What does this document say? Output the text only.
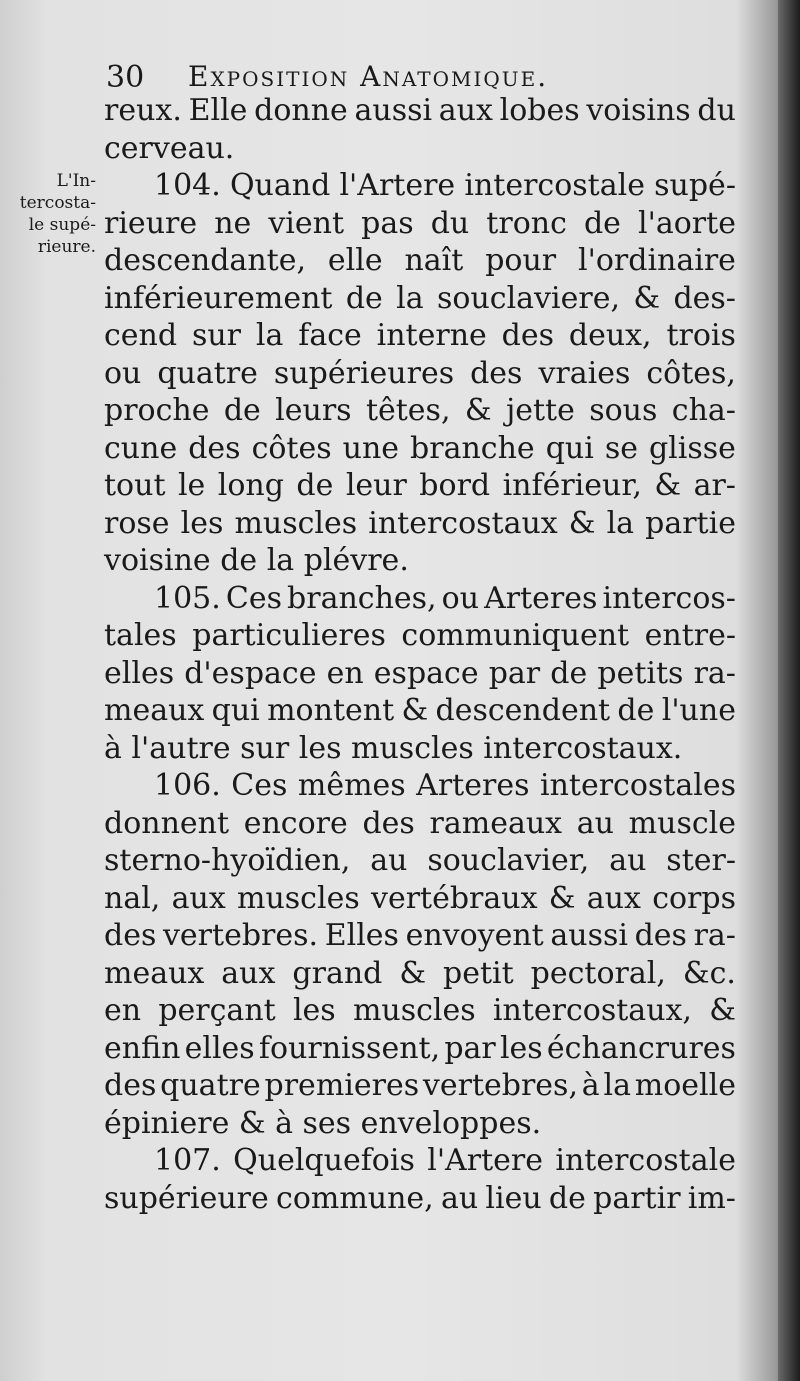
30 Exposition Anatomique.
L'In-
tercosta-
le supé-
rieure.
reux. Elle donne aussi aux lobes voisins du
cerveau.
104. Quand l'Artere intercostale supé-
rieure ne vient pas du tronc de l'aorte
descendante, elle naît pour l'ordinaire
inférieurement de la souclaviere, & des-
cend sur la face interne des deux, trois
ou quatre supérieures des vraies côtes,
proche de leurs têtes, & jette sous cha-
cune des côtes une branche qui se glisse
tout le long de leur bord inférieur, & ar-
rose les muscles intercostaux & la partie
voisine de la plévre.
105. Ces branches, ou Arteres intercos-
tales particulieres communiquent entre-
elles d'espace en espace par de petits ra-
meaux qui montent & descendent de l'une
à l'autre sur les muscles intercostaux.
106. Ces mêmes Arteres intercostales
donnent encore des rameaux au muscle
sterno-hyoïdien, au souclavier, au ster-
nal, aux muscles vertébraux & aux corps
des vertebres. Elles envoyent aussi des ra-
meaux aux grand & petit pectoral, &c.
en perçant les muscles intercostaux, &
enfin elles fournissent, par les échancrures
des quatre premieres vertebres, à la moelle
épiniere & à ses enveloppes.
107. Quelquefois l'Artere intercostale
supérieure commune, au lieu de partir im-
